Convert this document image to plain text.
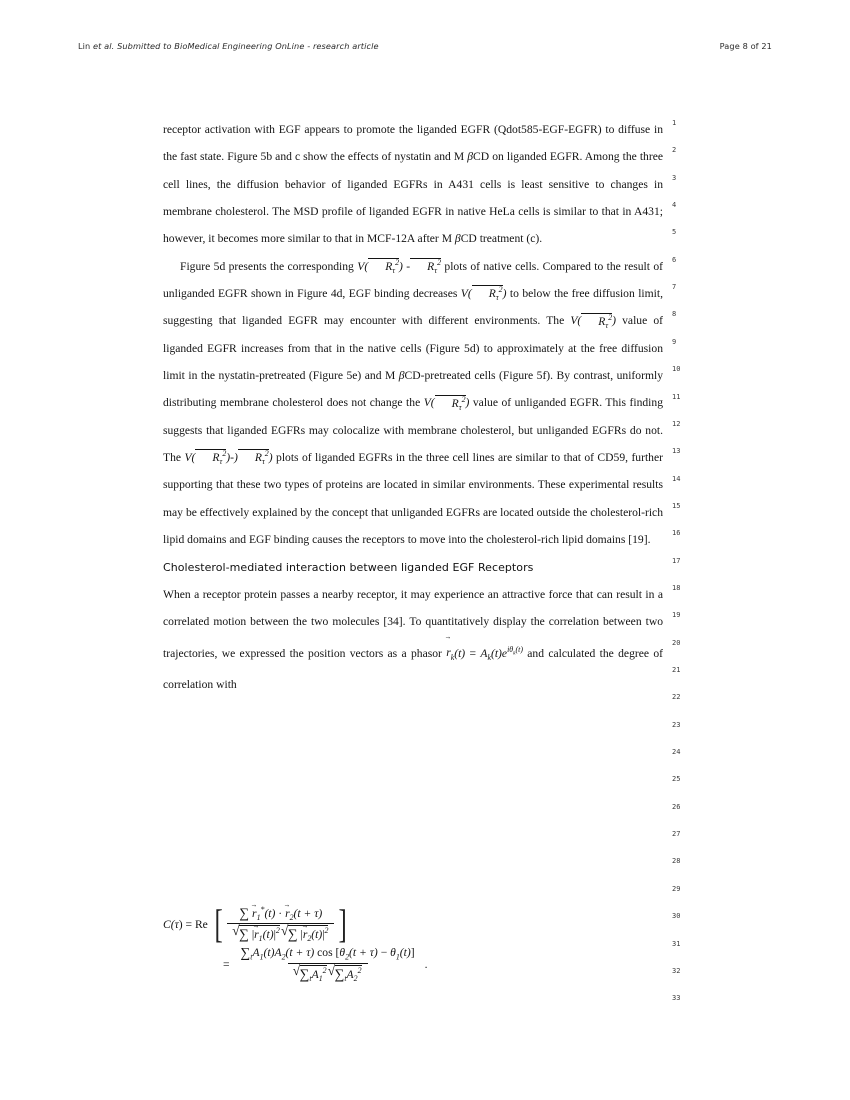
Lin et al. Submitted to BioMedical Engineering OnLine - research article	Page 8 of 21
1
2
3
4
5
6
7
8
9
10
11
12
13
14
15
16
17
18
19
20
21
22
23
24
25
26
27
28
29
30
31
32
33

receptor activation with EGF appears to promote the liganded EGFR (Qdot585-EGF-EGFR) to diffuse in the fast state. Figure 5b and c show the effects of nystatin and M βCD on liganded EGFR. Among the three cell lines, the diffusion behavior of liganded EGFRs in A431 cells is least sensitive to changes in membrane cholesterol. The MSD profile of liganded EGFR in native HeLa cells is similar to that in A431; however, it becomes more similar to that in MCF-12A after M βCD treatment (c).

Figure 5d presents the corresponding V( $R_\tau^2) - R_\tau^2$ plots of native cells. Compared to the result of unliganded EGFR shown in Figure 4d, EGF binding decreases V( $R_\tau^2$) to below the free diffusion limit, suggesting that liganded EGFR may encounter with different environments. The V( $R_\tau^2$) value of liganded EGFR increases from that in the native cells (Figure 5d) to approximately at the free diffusion limit in the nystatin-pretreated (Figure 5e) and M βCD-pretreated cells (Figure 5f). By contrast, uniformly distributing membrane cholesterol does not change the V( $R_\tau^2$) value of unliganded EGFR. This finding suggests that liganded EGFRs may colocalize with membrane cholesterol, but unliganded EGFRs do not. The V( $R_\tau^2)-$) $R_\tau^2$) plots of liganded EGFRs in the three cell lines are similar to that of CD59, further supporting that these two types of proteins are located in similar environments. These experimental results may be effectively explained by the concept that unliganded EGFRs are located outside the cholesterol-rich lipid domains and EGF binding causes the receptors to move into the cholesterol-rich lipid domains [19].

Cholesterol-mediated interaction between liganded EGF Receptors

When a receptor protein passes a nearby receptor, it may experience an attractive force that can result in a correlated motion between the two molecules [34]. To quantitatively display the correlation between two trajectories, we expressed the position vectors as a phasor → $r_k(t) = A_k(t)e^{i\theta_k(t)}$ and calculated the degree of correlation with

C(τ) = Re [ ∑ → $r_1^*(t)$ · → $r_2(t + \tau)$
√ ∑ |→ $r_1(t)|^2$ √ ∑ |→ $r_2(t)|^2$ ]
= $\sum_tA_1(t)A_2(t + \tau)$ $\cos [\theta_2(t + \tau) - \theta_1(t)]$
√ $\sum_tA_1^2$ √ $\sum_tA_2^2$ .
